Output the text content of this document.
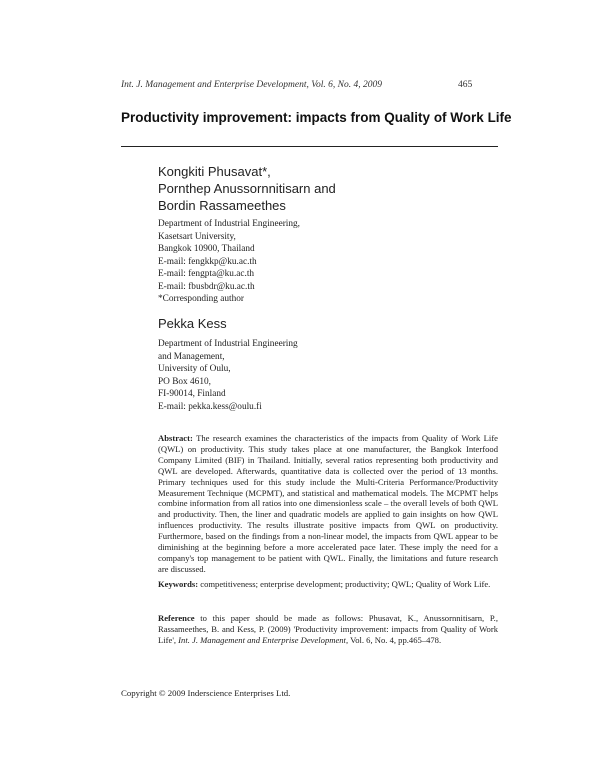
Int. J. Management and Enterprise Development, Vol. 6, No. 4, 2009	465
Productivity improvement: impacts from Quality of Work Life
Kongkiti Phusavat*,
Pornthep Anussornnitisarn and
Bordin Rassameethes
Department of Industrial Engineering,
Kasetsart University,
Bangkok 10900, Thailand
E-mail: fengkkp@ku.ac.th
E-mail: fengpta@ku.ac.th
E-mail: fbusbdr@ku.ac.th
*Corresponding author
Pekka Kess
Department of Industrial Engineering
and Management,
University of Oulu,
PO Box 4610,
FI-90014, Finland
E-mail: pekka.kess@oulu.fi
Abstract: The research examines the characteristics of the impacts from Quality of Work Life (QWL) on productivity. This study takes place at one manufacturer, the Bangkok Interfood Company Limited (BIF) in Thailand. Initially, several ratios representing both productivity and QWL are developed. Afterwards, quantitative data is collected over the period of 13 months. Primary techniques used for this study include the Multi-Criteria Performance/Productivity Measurement Technique (MCPMT), and statistical and mathematical models. The MCPMT helps combine information from all ratios into one dimensionless scale – the overall levels of both QWL and productivity. Then, the liner and quadratic models are applied to gain insights on how QWL influences productivity. The results illustrate positive impacts from QWL on productivity. Furthermore, based on the findings from a non-linear model, the impacts from QWL appear to be diminishing at the beginning before a more accelerated pace later. These imply the need for a company's top management to be patient with QWL. Finally, the limitations and future research are discussed.
Keywords: competitiveness; enterprise development; productivity; QWL; Quality of Work Life.
Reference to this paper should be made as follows: Phusavat, K., Anussornnitisarn, P., Rassameethes, B. and Kess, P. (2009) 'Productivity improvement: impacts from Quality of Work Life', Int. J. Management and Enterprise Development, Vol. 6, No. 4, pp.465–478.
Copyright © 2009 Inderscience Enterprises Ltd.
